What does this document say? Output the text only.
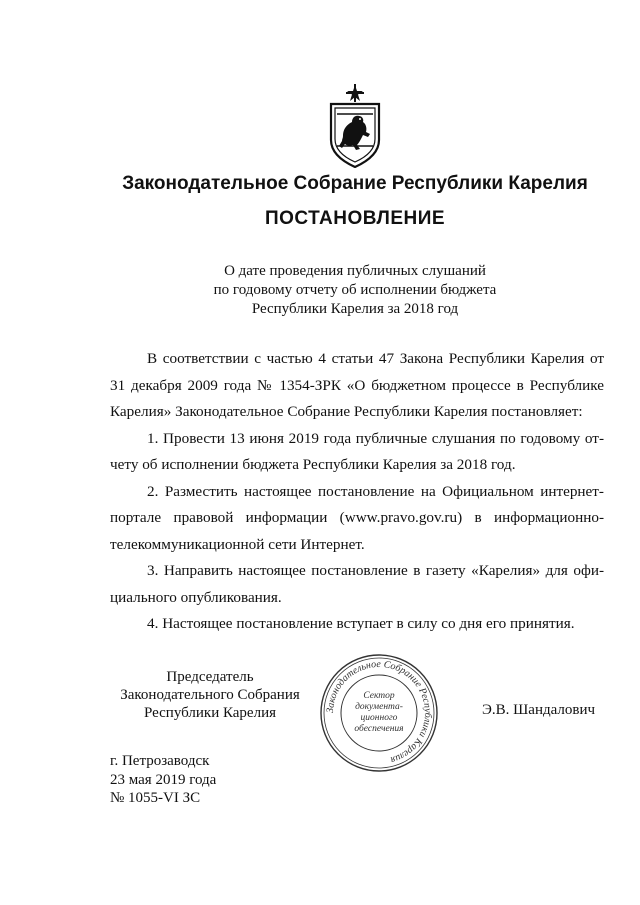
Законодательное Собрание Республики Карелия
ПОСТАНОВЛЕНИЕ
О дате проведения публичных слушаний
по годовому отчету об исполнении бюджета
Республики Карелия за 2018 год
В соответствии с частью 4 статьи 47 Закона Республики Карелия от
31 декабря 2009 года № 1354-ЗРК «О бюджетном процессе в Республике
Карелия» Законодательное Собрание Республики Карелия постановляет:
1. Провести 13 июня 2019 года публичные слушания по годовому от-
чету об исполнении бюджета Республики Карелия за 2018 год.
2. Разместить настоящее постановление на Официальном интернет-
портале правовой информации (www.pravo.gov.ru) в информационно-
телекоммуникационной сети Интернет.
3. Направить настоящее постановление в газету «Карелия» для офи-
циального опубликования.
4. Настоящее постановление вступает в силу со дня его принятия.
Председатель
Законодательного Собрания
Республики Карелия	Законодательное Собрание Республики Карелия
Сектор
документа-
ционного
обеспечения
Э.В. Шандалович
г. Петрозаводск
23 мая 2019 года
№ 1055-VI ЗС
